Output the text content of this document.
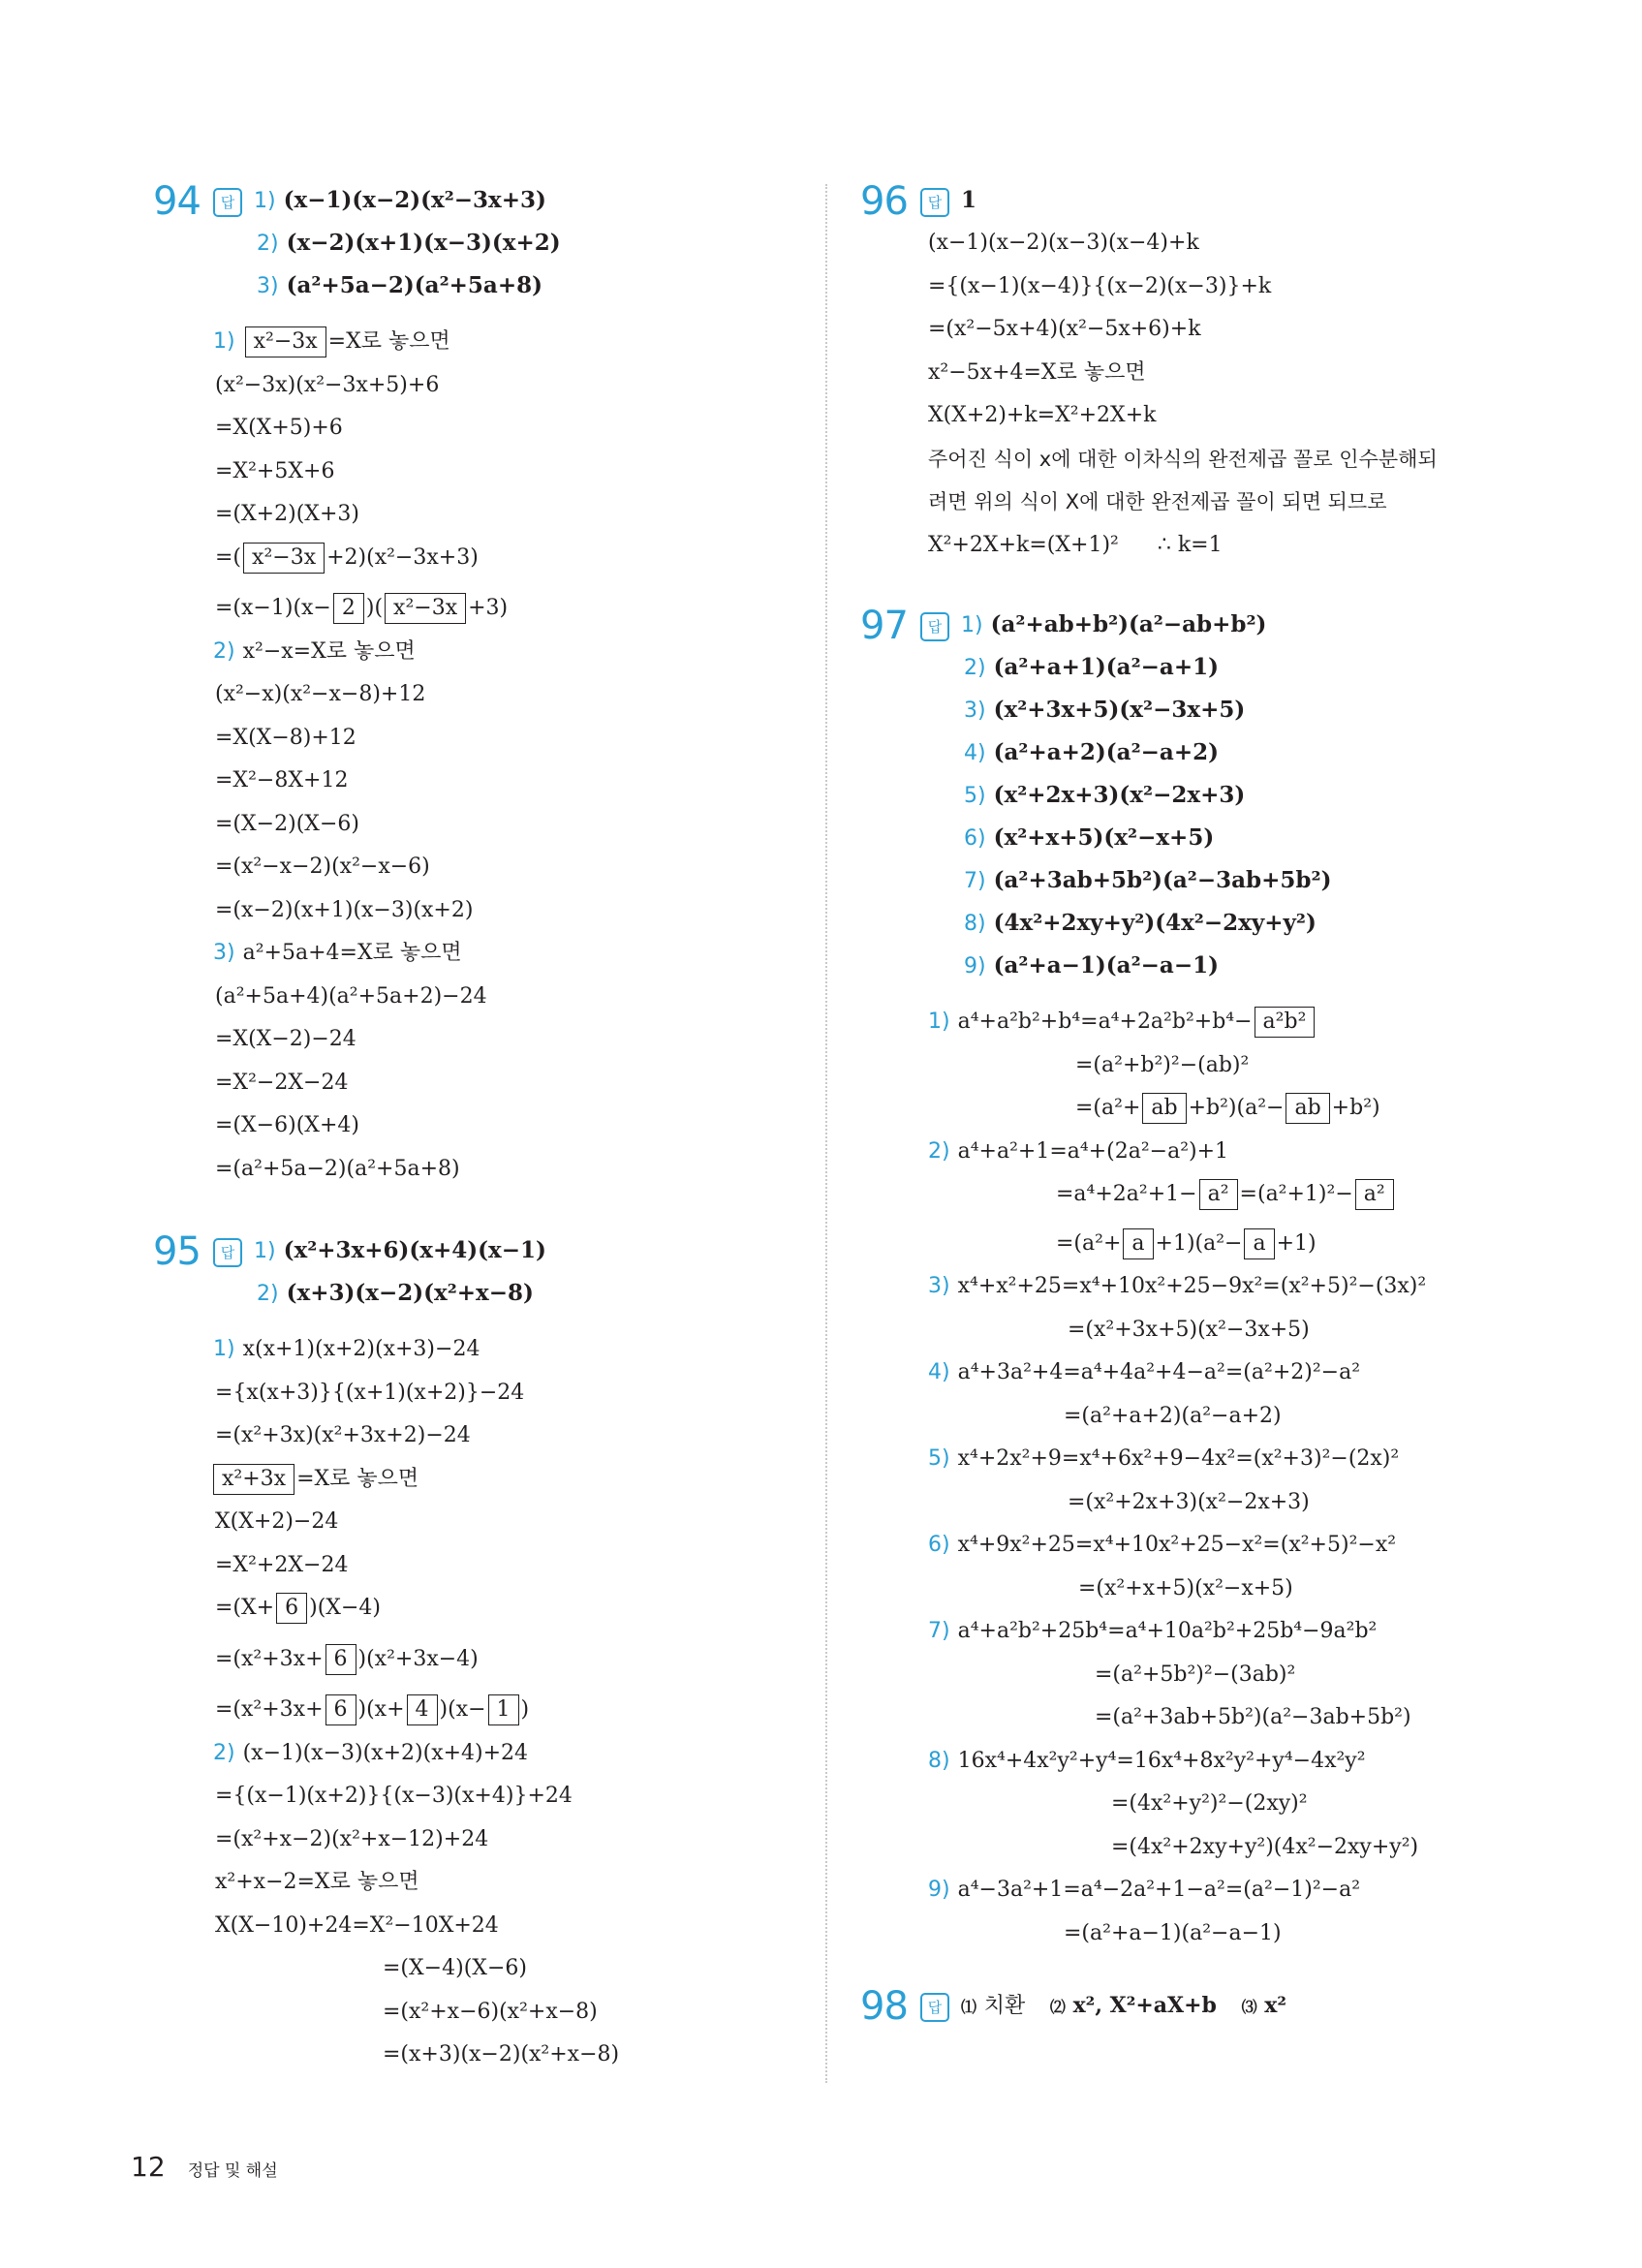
94	답 1) (x−1)(x−2)(x²−3x+3)
2) (x−2)(x+1)(x−3)(x+2)
3) (a²+5a−2)(a²+5a+8)
1) x²−3x =X로 놓으면
(x²−3x)(x²−3x+5)+6
=X(X+5)+6
=X²+5X+6
=(X+2)(X+3)
=( x²−3x +2)(x²−3x+3)
=(x−1)(x− 2 )( x²−3x +3)
2) x²−x=X로 놓으면
(x²−x)(x²−x−8)+12
=X(X−8)+12
=X²−8X+12
=(X−2)(X−6)
=(x²−x−2)(x²−x−6)
=(x−2)(x+1)(x−3)(x+2)
3) a²+5a+4=X로 놓으면
(a²+5a+4)(a²+5a+2)−24
=X(X−2)−24
=X²−2X−24
=(X−6)(X+4)
=(a²+5a−2)(a²+5a+8)
95	답 1) (x²+3x+6)(x+4)(x−1)
2) (x+3)(x−2)(x²+x−8)
1) x(x+1)(x+2)(x+3)−24
={x(x+3)}{(x+1)(x+2)}−24
=(x²+3x)(x²+3x+2)−24
x²+3x =X로 놓으면
X(X+2)−24
=X²+2X−24
=(X+ 6 )(X−4)
=(x²+3x+ 6 )(x²+3x−4)
=(x²+3x+ 6 )(x+ 4 )(x− 1 )
2) (x−1)(x−3)(x+2)(x+4)+24
={(x−1)(x+2)}{(x−3)(x+4)}+24
=(x²+x−2)(x²+x−12)+24
x²+x−2=X로 놓으면
X(X−10)+24=X²−10X+24
=(X−4)(X−6)
=(x²+x−6)(x²+x−8)
=(x+3)(x−2)(x²+x−8)
96	답 1
(x−1)(x−2)(x−3)(x−4)+k
={(x−1)(x−4)}{(x−2)(x−3)}+k
=(x²−5x+4)(x²−5x+6)+k
x²−5x+4=X로 놓으면
X(X+2)+k=X²+2X+k
주어진 식이 x에 대한 이차식의 완전제곱 꼴로 인수분해되
려면 위의 식이 X에 대한 완전제곱 꼴이 되면 되므로
X²+2X+k=(X+1)² ∴ k=1
97	답 1) (a²+ab+b²)(a²−ab+b²)
2) (a²+a+1)(a²−a+1)
3) (x²+3x+5)(x²−3x+5)
4) (a²+a+2)(a²−a+2)
5) (x²+2x+3)(x²−2x+3)
6) (x²+x+5)(x²−x+5)
7) (a²+3ab+5b²)(a²−3ab+5b²)
8) (4x²+2xy+y²)(4x²−2xy+y²)
9) (a²+a−1)(a²−a−1)
1) a⁴+a²b²+b⁴=a⁴+2a²b²+b⁴− a²b²
=(a²+b²)²−(ab)²
=(a²+ ab +b²)(a²− ab +b²)
2) a⁴+a²+1=a⁴+(2a²−a²)+1
=a⁴+2a²+1− a² =(a²+1)²− a²
=(a²+ a +1)(a²− a +1)
3) x⁴+x²+25=x⁴+10x²+25−9x²=(x²+5)²−(3x)²
=(x²+3x+5)(x²−3x+5)
4) a⁴+3a²+4=a⁴+4a²+4−a²=(a²+2)²−a²
=(a²+a+2)(a²−a+2)
5) x⁴+2x²+9=x⁴+6x²+9−4x²=(x²+3)²−(2x)²
=(x²+2x+3)(x²−2x+3)
6) x⁴+9x²+25=x⁴+10x²+25−x²=(x²+5)²−x²
=(x²+x+5)(x²−x+5)
7) a⁴+a²b²+25b⁴=a⁴+10a²b²+25b⁴−9a²b²
=(a²+5b²)²−(3ab)²
=(a²+3ab+5b²)(a²−3ab+5b²)
8) 16x⁴+4x²y²+y⁴=16x⁴+8x²y²+y⁴−4x²y²
=(4x²+y²)²−(2xy)²
=(4x²+2xy+y²)(4x²−2xy+y²)
9) a⁴−3a²+1=a⁴−2a²+1−a²=(a²−1)²−a²
=(a²+a−1)(a²−a−1)
98	답	⑴ 치환 ⑵ x², X²+aX+b ⑶ x²
12 정답 및 해설
